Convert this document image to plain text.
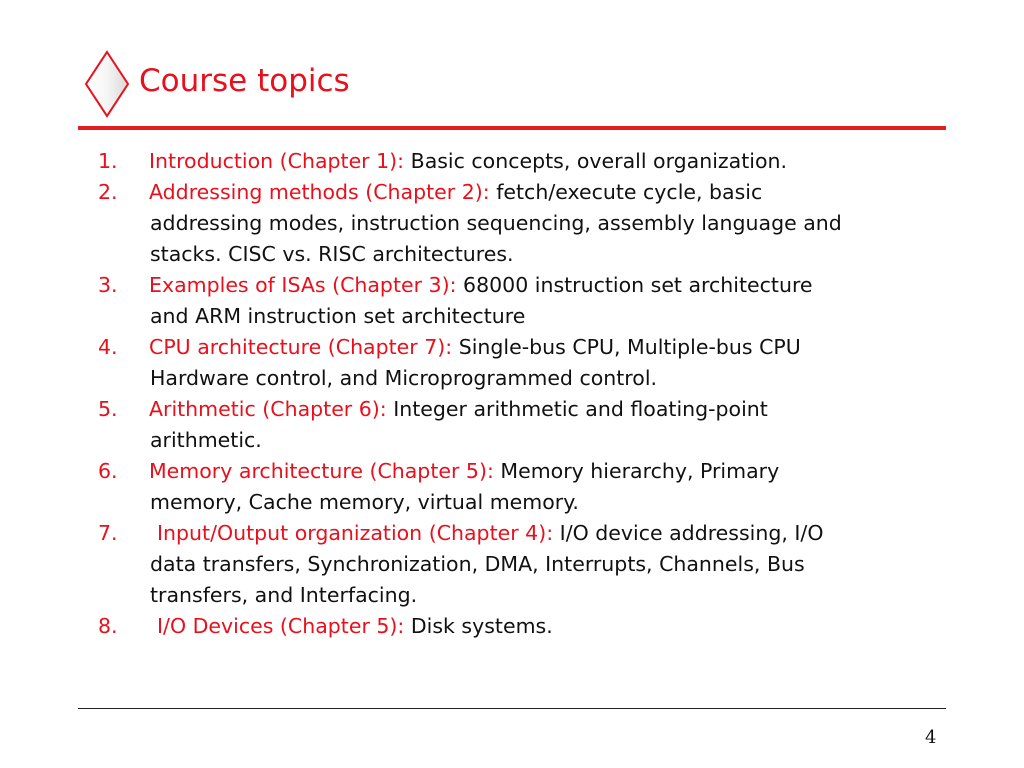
Course topics
1. Introduction (Chapter 1): Basic concepts, overall organization.
2. Addressing methods (Chapter 2): fetch/execute cycle, basic
addressing modes, instruction sequencing, assembly language and
stacks. CISC vs. RISC architectures.
3. Examples of ISAs (Chapter 3): 68000 instruction set architecture
and ARM instruction set architecture
4. CPU architecture (Chapter 7): Single-bus CPU, Multiple-bus CPU
Hardware control, and Microprogrammed control.
5. Arithmetic (Chapter 6): Integer arithmetic and floating-point
arithmetic.
6. Memory architecture (Chapter 5): Memory hierarchy, Primary
memory, Cache memory, virtual memory.
7. Input/Output organization (Chapter 4): I/O device addressing, I/O
data transfers, Synchronization, DMA, Interrupts, Channels, Bus
transfers, and Interfacing.
8. I/O Devices (Chapter 5): Disk systems.
4
